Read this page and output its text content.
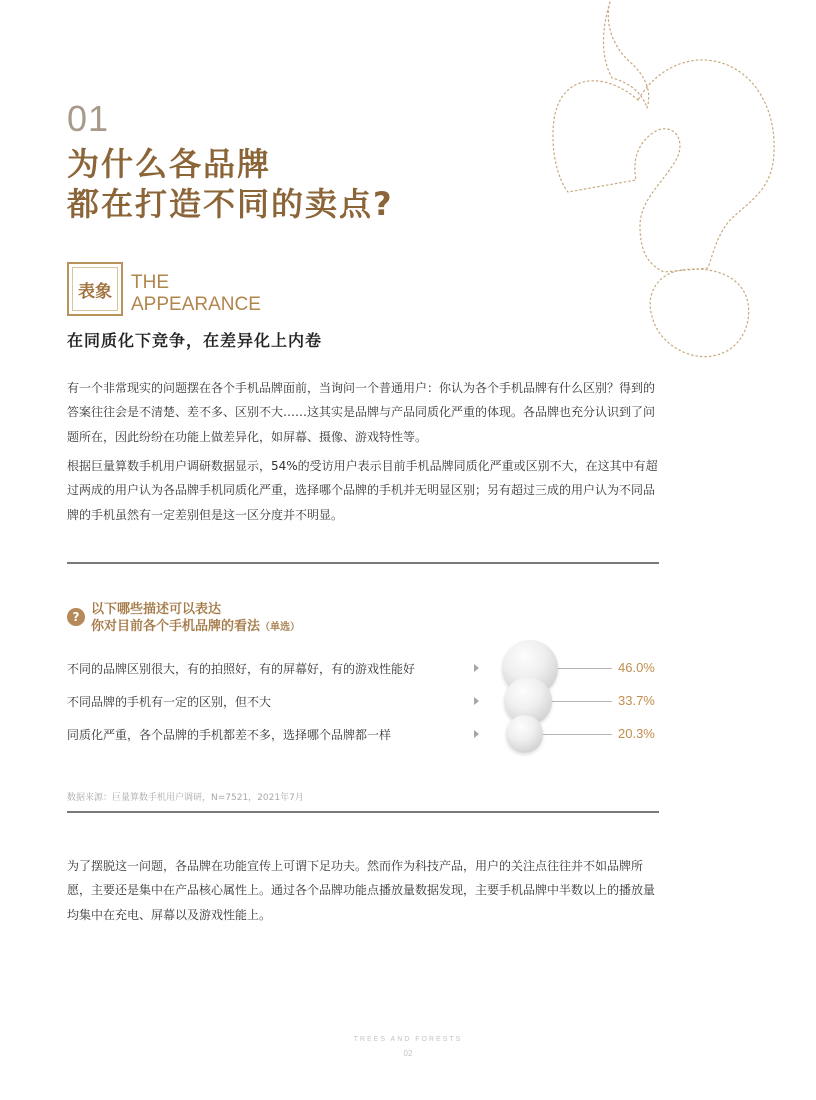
01
为什么各品牌
都在打造不同的卖点?
表象	THE
APPEARANCE
在同质化下竞争，在差异化上内卷

有一个非常现实的问题摆在各个手机品牌面前，当询问一个普通用户：你认为各个手机品牌有什么区别？得到的答案往往会是不清楚、差不多、区别不大……这其实是品牌与产品同质化严重的体现。各品牌也充分认识到了问题所在，因此纷纷在功能上做差异化，如屏幕、摄像、游戏特性等。

根据巨量算数手机用户调研数据显示，54%的受访用户表示目前手机品牌同质化严重或区别不大，在这其中有超过两成的用户认为各品牌手机同质化严重，选择哪个品牌的手机并无明显区别；另有超过三成的用户认为不同品牌的手机虽然有一定差别但是这一区分度并不明显。

? 以下哪些描述可以表达
你对目前各个手机品牌的看法（单选）
不同的品牌区别很大，有的拍照好，有的屏幕好，有的游戏性能好
不同品牌的手机有一定的区别，但不大
同质化严重，各个品牌的手机都差不多，选择哪个品牌都一样
46.0%
33.7%
20.3%
数据来源：巨量算数手机用户调研，N=7521，2021年7月

为了摆脱这一问题，各品牌在功能宣传上可谓下足功夫。然而作为科技产品，用户的关注点往往并不如品牌所愿，主要还是集中在产品核心属性上。通过各个品牌功能点播放量数据发现，主要手机品牌中半数以上的播放量均集中在充电、屏幕以及游戏性能上。

TREES AND FORESTS
02
